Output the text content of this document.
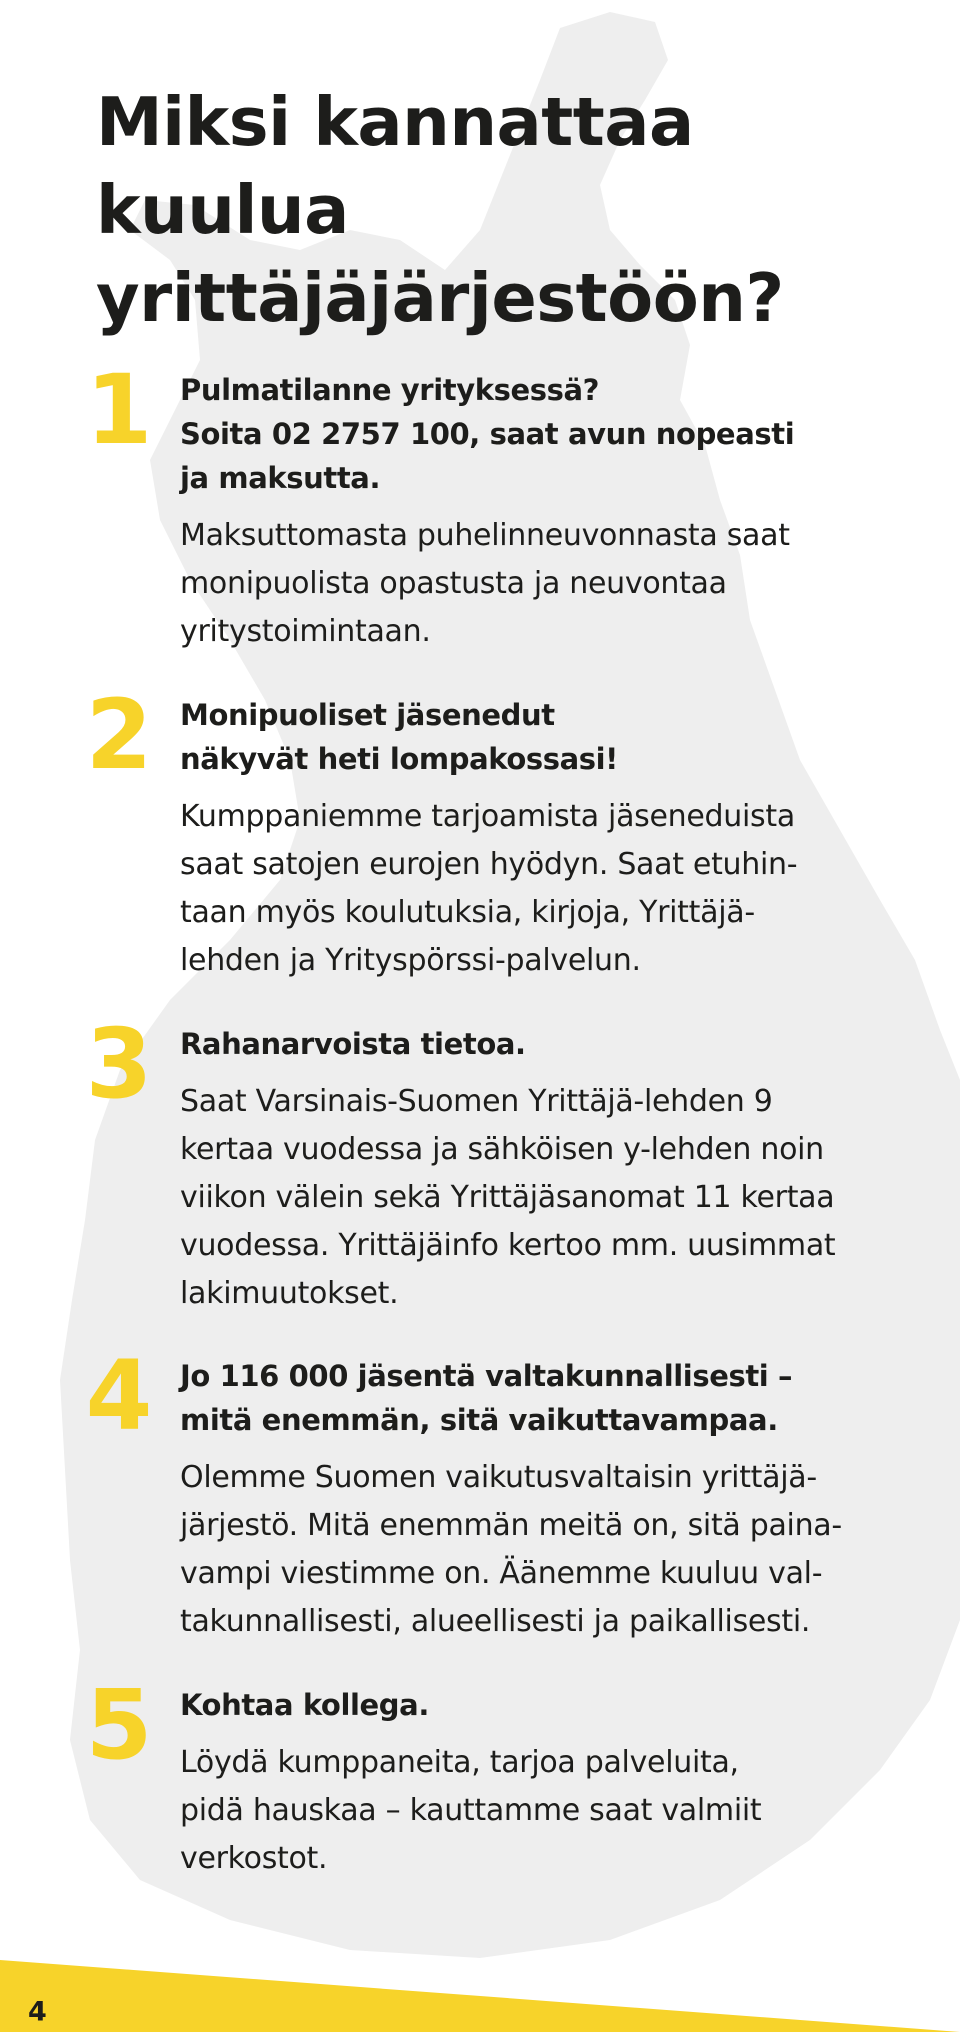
Miksi kannattaa kuulua yrittäjäjärjestöön?
1 Pulmatilanne yrityksessä?
Soita 02 2757 100, saat avun nopeasti
ja maksutta.

Maksuttomasta puhelinneuvonnasta saat
monipuolista opastusta ja neuvontaa
yritystoimintaan.

2 Monipuoliset jäsenedut
näkyvät heti lompakossasi!

Kumppaniemme tarjoamista jäseneduista
saat satojen eurojen hyödyn. Saat etuhin-
taan myös koulutuksia, kirjoja, Yrittäjä-
lehden ja Yrityspörssi-palvelun.

3 Rahanarvoista tietoa.

Saat Varsinais-Suomen Yrittäjä-lehden 9
kertaa vuodessa ja sähköisen y-lehden noin
viikon välein sekä Yrittäjäsanomat 11 kertaa
vuodessa. Yrittäjäinfo kertoo mm. uusimmat
lakimuutokset.

4 Jo 116 000 jäsentä valtakunnallisesti –
mitä enemmän, sitä vaikuttavampaa.

Olemme Suomen vaikutusvaltaisin yrittäjä-
järjestö. Mitä enemmän meitä on, sitä paina-
vampi viestimme on. Äänemme kuuluu val-
takunnallisesti, alueellisesti ja paikallisesti.

5 Kohtaa kollega.

Löydä kumppaneita, tarjoa palveluita,
pidä hauskaa – kauttamme saat valmiit
verkostot.

4
